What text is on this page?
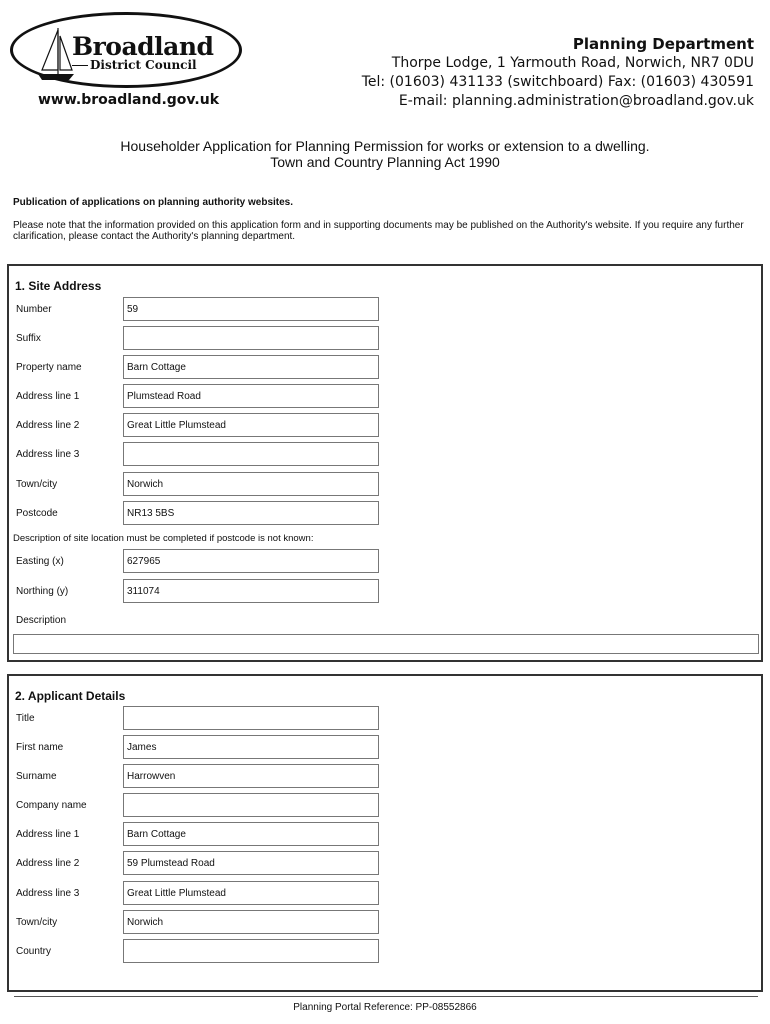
Broadland
District Council
www.broadland.gov.uk
Planning Department
Thorpe Lodge, 1 Yarmouth Road, Norwich, NR7 0DU
Tel: (01603) 431133 (switchboard) Fax: (01603) 430591
E-mail: planning.administration@broadland.gov.uk
Householder Application for Planning Permission for works or extension to a dwelling.
Town and Country Planning Act 1990
Publication of applications on planning authority websites.
Please note that the information provided on this application form and in supporting documents may be published on the Authority's website. If you require any further clarification, please contact the Authority's planning department.
1. Site Address
Number	59
Suffix
Property name	Barn Cottage
Address line 1	Plumstead Road
Address line 2	Great Little Plumstead
Address line 3
Town/city	Norwich
Postcode	NR13 5BS
Description of site location must be completed if postcode is not known:
Easting (x)	627965
Northing (y)	311074
Description
2. Applicant Details
Title
First name	James
Surname	Harrowven
Company name
Address line 1	Barn Cottage
Address line 2	59 Plumstead Road
Address line 3	Great Little Plumstead
Town/city	Norwich
Country
Planning Portal Reference: PP-08552866
